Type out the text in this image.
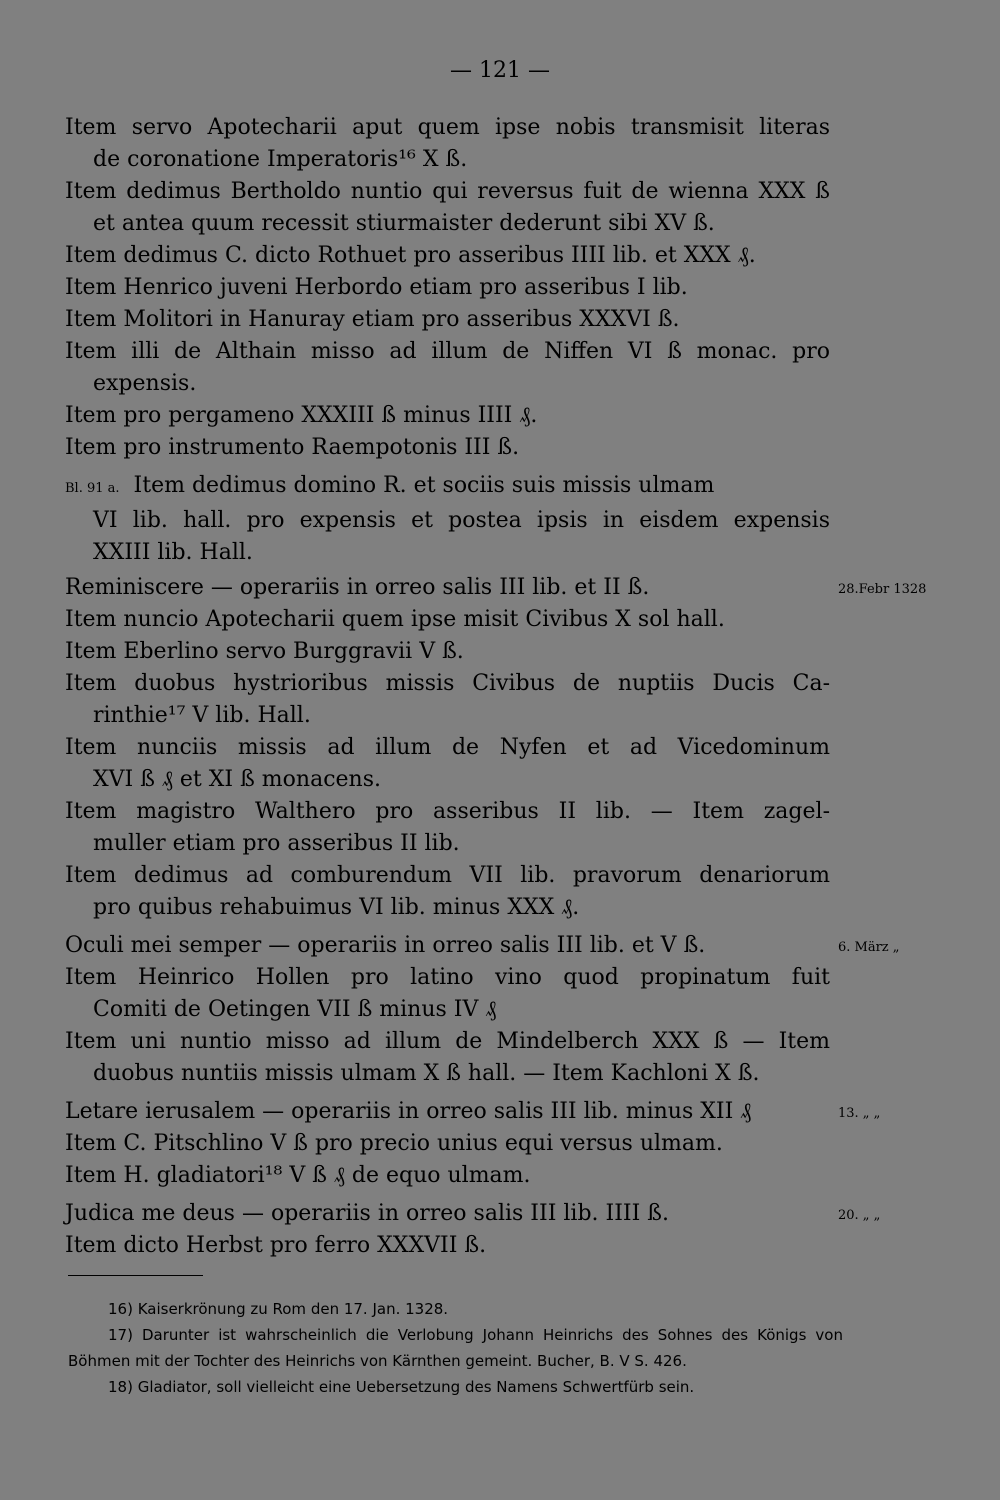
— 121 —
Item servo Apotecharii aput quem ipse nobis transmisit literas
de coronatione Imperatoris¹⁶ X ß.
Item dedimus Bertholdo nuntio qui reversus fuit de wienna XXX ß
et antea quum recessit stiurmaister dederunt sibi XV ß.
Item dedimus C. dicto Rothuet pro asseribus IIII lib. et XXX ₰.
Item Henrico juveni Herbordo etiam pro asseribus I lib.
Item Molitori in Hanuray etiam pro asseribus XXXVI ß.
Item illi de Althain misso ad illum de Niffen VI ß monac. pro
expensis.
Item pro pergameno XXXIII ß minus IIII ₰.
Item pro instrumento Raempotonis III ß.
Bl. 91 a. Item dedimus domino R. et sociis suis missis ulmam
VI lib. hall. pro expensis et postea ipsis in eisdem expensis
XXIII lib. Hall.
Reminiscere — operariis in orreo salis III lib. et II ß.	28.Febr 1328
Item nuncio Apotecharii quem ipse misit Civibus X sol hall.
Item Eberlino servo Burggravii V ß.
Item duobus hystrioribus missis Civibus de nuptiis Ducis Ca-
rinthie¹⁷ V lib. Hall.
Item nunciis missis ad illum de Nyfen et ad Vicedominum
XVI ß ₰ et XI ß monacens.
Item magistro Walthero pro asseribus II lib. — Item zagel-
muller etiam pro asseribus II lib.
Item dedimus ad comburendum VII lib. pravorum denariorum
pro quibus rehabuimus VI lib. minus XXX ₰.
Oculi mei semper — operariis in orreo salis III lib. et V ß.	6. März „
Item Heinrico Hollen pro latino vino quod propinatum fuit
Comiti de Oetingen VII ß minus IV ₰
Item uni nuntio misso ad illum de Mindelberch XXX ß — Item
duobus nuntiis missis ulmam X ß hall. — Item Kachloni X ß.
Letare ierusalem — operariis in orreo salis III lib. minus XII ₰	13. „ „
Item C. Pitschlino V ß pro precio unius equi versus ulmam.
Item H. gladiatori¹⁸ V ß ₰ de equo ulmam.
Judica me deus — operariis in orreo salis III lib. IIII ß.	20. „ „
Item dicto Herbst pro ferro XXXVII ß.
16) Kaiserkrönung zu Rom den 17. Jan. 1328.
17) Darunter ist wahrscheinlich die Verlobung Johann Heinrichs des Sohnes des Königs von Böhmen mit der Tochter des Heinrichs von Kärnthen gemeint. Bucher, B. V S. 426.
18) Gladiator, soll vielleicht eine Uebersetzung des Namens Schwertfürb sein.
